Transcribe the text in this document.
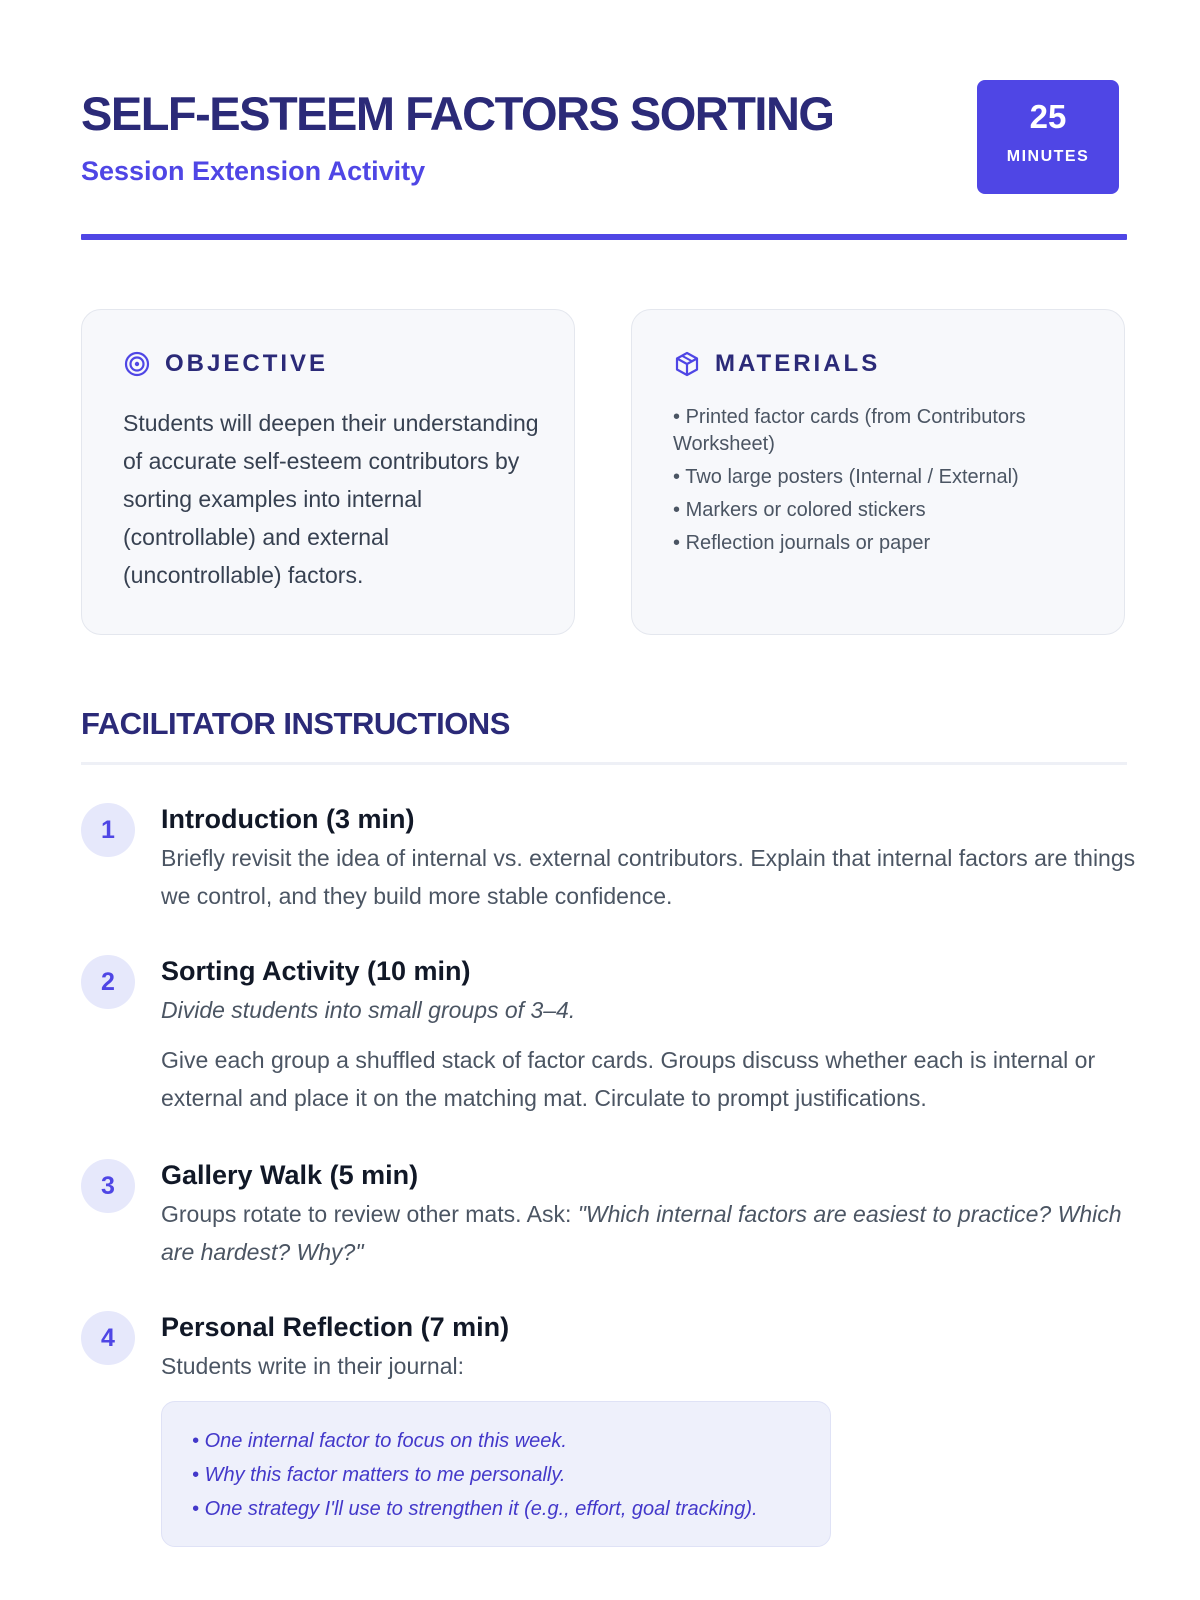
SELF-ESTEEM FACTORS SORTING

Session Extension Activity

25
MINUTES
OBJECTIVE

Students will deepen their understanding of accurate self-esteem contributors by sorting examples into internal (controllable) and external (uncontrollable) factors.

MATERIALS
• Printed factor cards (from Contributors Worksheet)
• Two large posters (Internal / External)
• Markers or colored stickers
• Reflection journals or paper
FACILITATOR INSTRUCTIONS
1	Introduction (3 min)

Briefly revisit the idea of internal vs. external contributors. Explain that internal factors are things we control, and they build more stable confidence.

2	Sorting Activity (10 min)

Divide students into small groups of 3–4.

Give each group a shuffled stack of factor cards. Groups discuss whether each is internal or external and place it on the matching mat. Circulate to prompt justifications.

3	Gallery Walk (5 min)

Groups rotate to review other mats. Ask: "Which internal factors are easiest to practice? Which are hardest? Why?"

4	Personal Reflection (7 min)

Students write in their journal:

• One internal factor to focus on this week.
• Why this factor matters to me personally.
• One strategy I'll use to strengthen it (e.g., effort, goal tracking).
